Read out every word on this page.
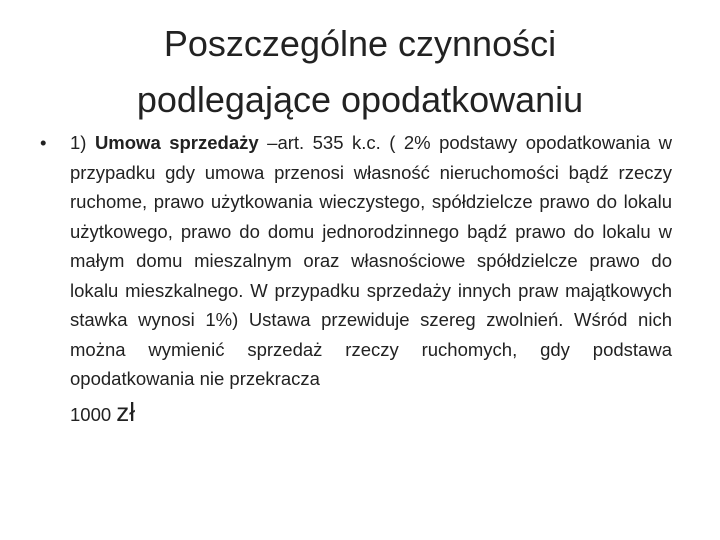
Poszczególne czynności
podlegające opodatkowaniu
• 1) Umowa sprzedaży –art. 535 k.c. ( 2% podstawy opodatkowania w przypadku gdy umowa przenosi własność nieruchomości bądź rzeczy ruchome, prawo użytkowania wieczystego, spółdzielcze prawo do lokalu użytkowego, prawo do domu jednorodzinnego bądź prawo do lokalu w małym domu mieszalnym oraz własnościowe spółdzielcze prawo do lokalu mieszkalnego. W przypadku sprzedaży innych praw majątkowych stawka wynosi 1%) Ustawa przewiduje szereg zwolnień. Wśród nich można wymienić sprzedaż rzeczy ruchomych, gdy podstawa opodatkowania nie przekracza
1000 zł
